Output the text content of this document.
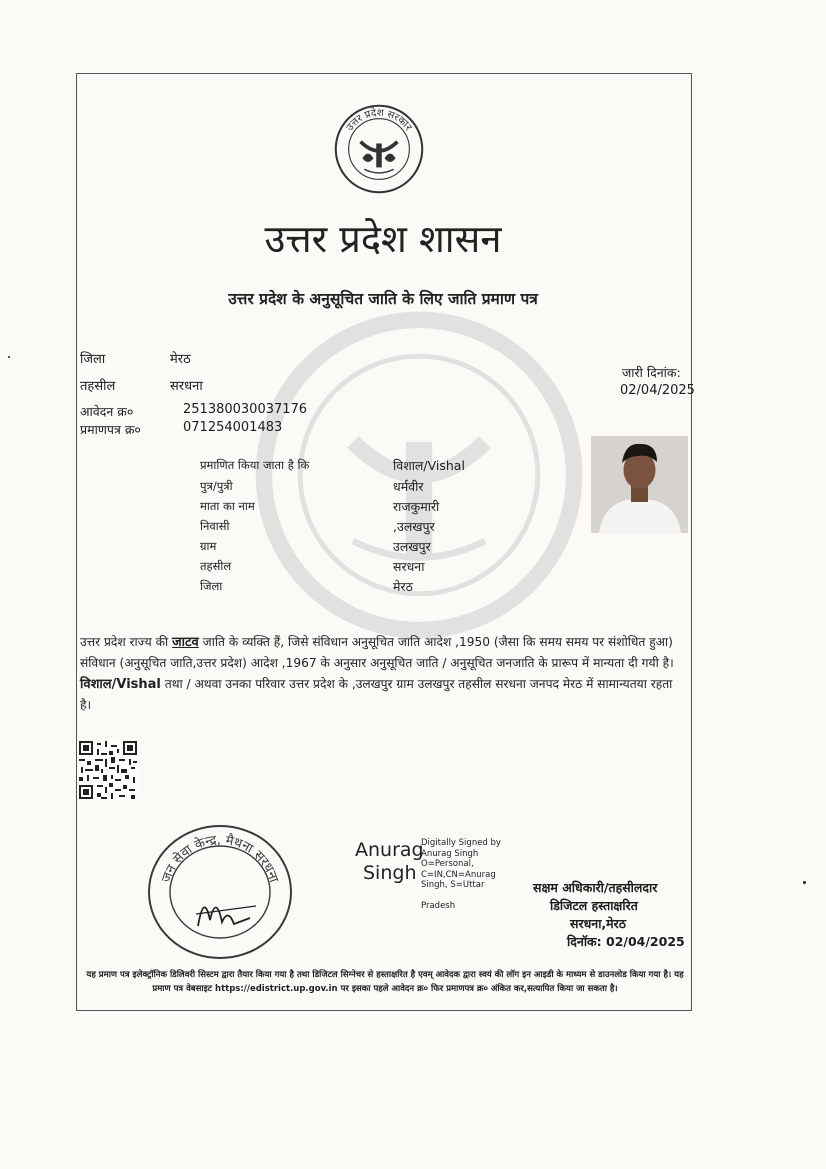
उत्तर प्रदेश सरकार
उत्तर प्रदेश शासन
उत्तर प्रदेश के अनुसूचित जाति के लिए जाति प्रमाण पत्र
जिला	मेरठ
तहसील	सरधना
आवेदन क्र०	251380030037176
प्रमाणपत्र क्र०	071254001483
जारी दिनांक:
02/04/2025
प्रमाणित किया जाता है कि	विशाल/Vishal
पुत्र/पुत्री	धर्मवीर
माता का नाम	राजकुमारी
निवासी	,उलखपुर
ग्राम	उलखपुर
तहसील	सरधना
जिला	मेरठ
उत्तर प्रदेश राज्य की जाटव जाति के व्यक्ति हैं, जिसे संविधान अनुसूचित जाति आदेश ,1950 (जैसा कि समय समय पर संशोधित हुआ) संविधान (अनुसूचित जाति,उत्तर प्रदेश) आदेश ,1967 के अनुसार अनुसूचित जाति / अनुसूचित जनजाति के प्रारूप में मान्यता दी गयी है।
विशाल/Vishal तथा / अथवा उनका परिवार उत्तर प्रदेश के ,उलखपुर ग्राम उलखपुर तहसील सरधना जनपद मेरठ में सामान्यतया रहता है।
जन सेवा केन्द्र, मैथना सरधना
Anurag
Singh
Digitally Signed by
Anurag Singh
O=Personal,
C=IN,CN=Anurag
Singh, S=Uttar
Pradesh
सक्षम अधिकारी/तहसीलदार
डिजिटल हस्ताक्षरित
सरधना,मेरठ
दिनॉक: 02/04/2025
यह प्रमाण पत्र इलेक्ट्रॉनिक डिलिवरी सिस्टम द्वारा तैयार किया गया है तथा डिजिटल सिग्नेचर से हस्ताक्षरित है एवम् आवेदक द्वारा स्वयं की लॉग इन आइडी के माध्यम से डाउनलोड किया गया है। यह प्रमाण पत्र वेबसाइट https://edistrict.up.gov.in पर इसका पहले आवेदन क्र० फिर प्रमाणपत्र क्र० अंकित कर,सत्यापित किया जा सकता है।
